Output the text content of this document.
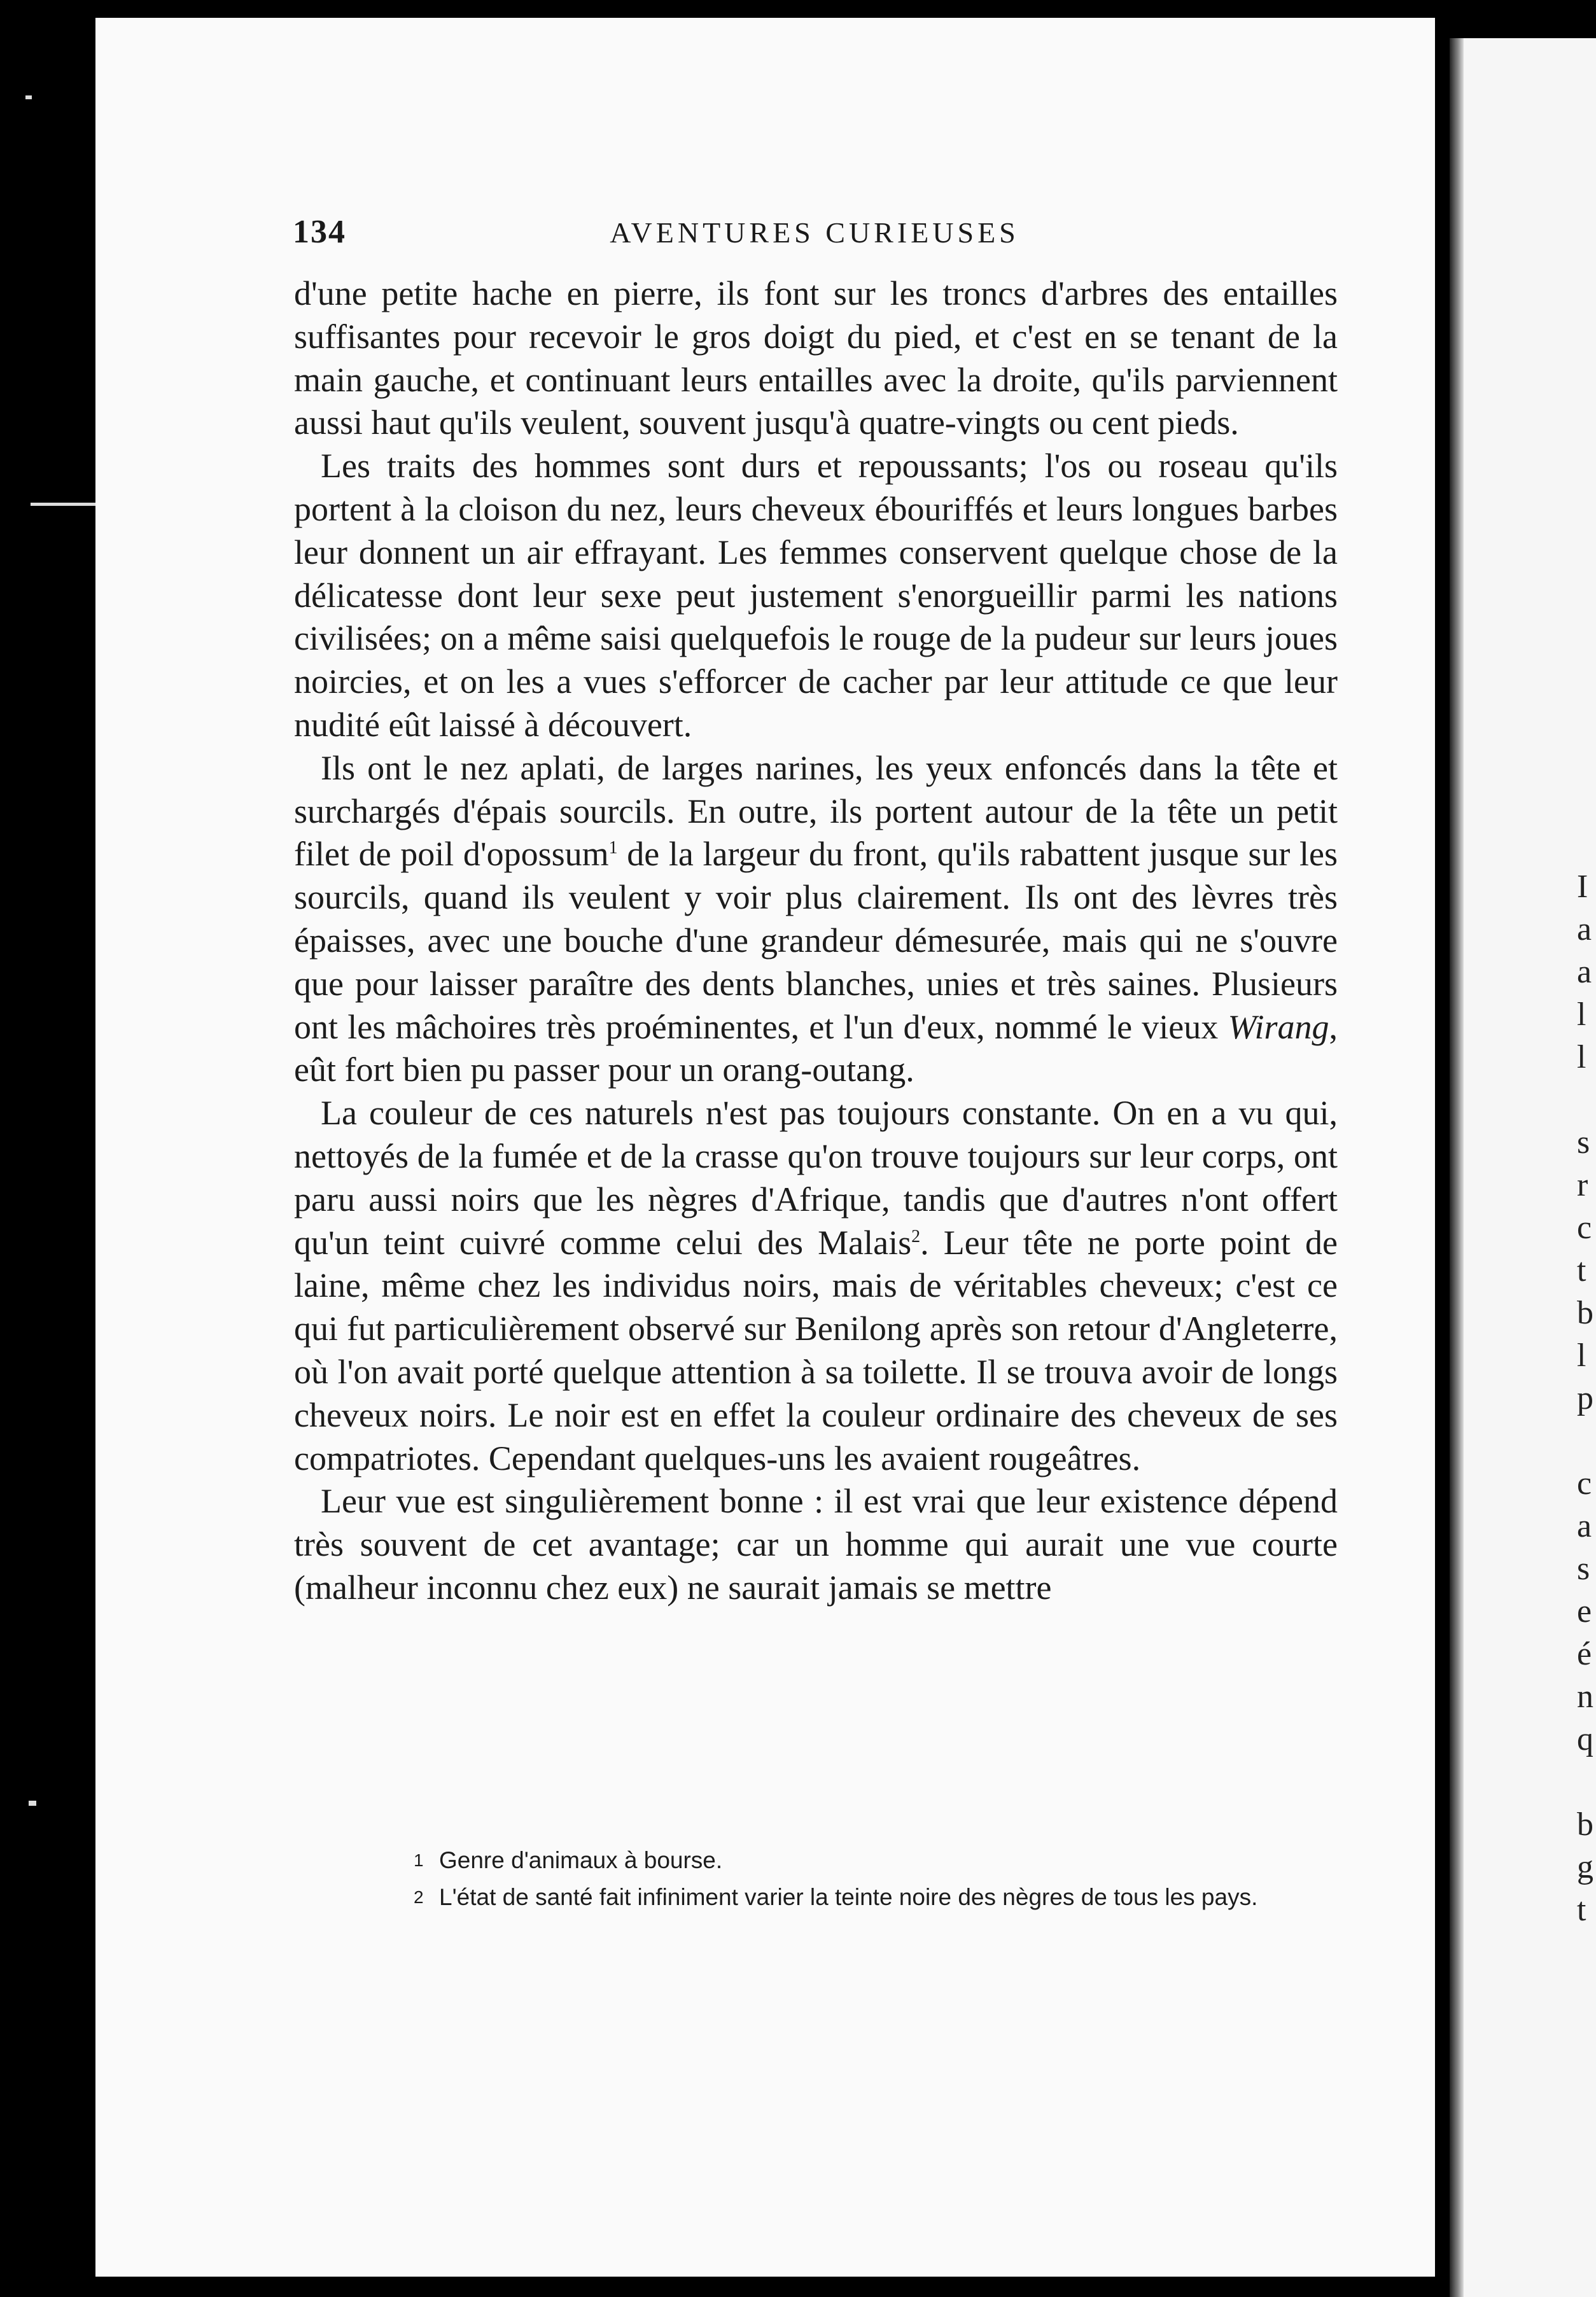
I
a
a
l
l
s
r
c
t
b
l
p
c
a
s
e
é
n
q
b
g
t
134	AVENTURES CURIEUSES

d'une petite hache en pierre, ils font sur les troncs d'arbres des entailles suffisantes pour recevoir le gros doigt du pied, et c'est en se tenant de la main gauche, et continuant leurs entailles avec la droite, qu'ils parviennent aussi haut qu'ils veulent, souvent jusqu'à quatre-vingts ou cent pieds.

Les traits des hommes sont durs et repoussants; l'os ou roseau qu'ils portent à la cloison du nez, leurs cheveux ébouriffés et leurs longues barbes leur donnent un air effrayant. Les femmes conservent quelque chose de la délicatesse dont leur sexe peut justement s'enorgueillir parmi les nations civilisées; on a même saisi quelquefois le rouge de la pudeur sur leurs joues noircies, et on les a vues s'efforcer de cacher par leur attitude ce que leur nudité eût laissé à découvert.

Ils ont le nez aplati, de larges narines, les yeux enfoncés dans la tête et surchargés d'épais sourcils. En outre, ils portent autour de la tête un petit filet de poil d'opossum$^1$ de la largeur du front, qu'ils rabattent jusque sur les sourcils, quand ils veulent y voir plus clairement. Ils ont des lèvres très épaisses, avec une bouche d'une grandeur démesurée, mais qui ne s'ouvre que pour laisser paraître des dents blanches, unies et très saines. Plusieurs ont les mâchoires très proéminentes, et l'un d'eux, nommé le vieux Wirang, eût fort bien pu passer pour un orang-outang.

La couleur de ces naturels n'est pas toujours constante. On en a vu qui, nettoyés de la fumée et de la crasse qu'on trouve toujours sur leur corps, ont paru aussi noirs que les nègres d'Afrique, tandis que d'autres n'ont offert qu'un teint cuivré comme celui des Malais$^2$. Leur tête ne porte point de laine, même chez les individus noirs, mais de véritables cheveux; c'est ce qui fut particulièrement observé sur Benilong après son retour d'Angleterre, où l'on avait porté quelque attention à sa toilette. Il se trouva avoir de longs cheveux noirs. Le noir est en effet la couleur ordinaire des cheveux de ses compatriotes. Cependant quelques-uns les avaient rougeâtres.

Leur vue est singulièrement bonne : il est vrai que leur existence dépend très souvent de cet avantage; car un homme qui aurait une vue courte (malheur inconnu chez eux) ne saurait jamais se mettre

1 Genre d'animaux à bourse.
2 L'état de santé fait infiniment varier la teinte noire des nègres de tous les pays.
